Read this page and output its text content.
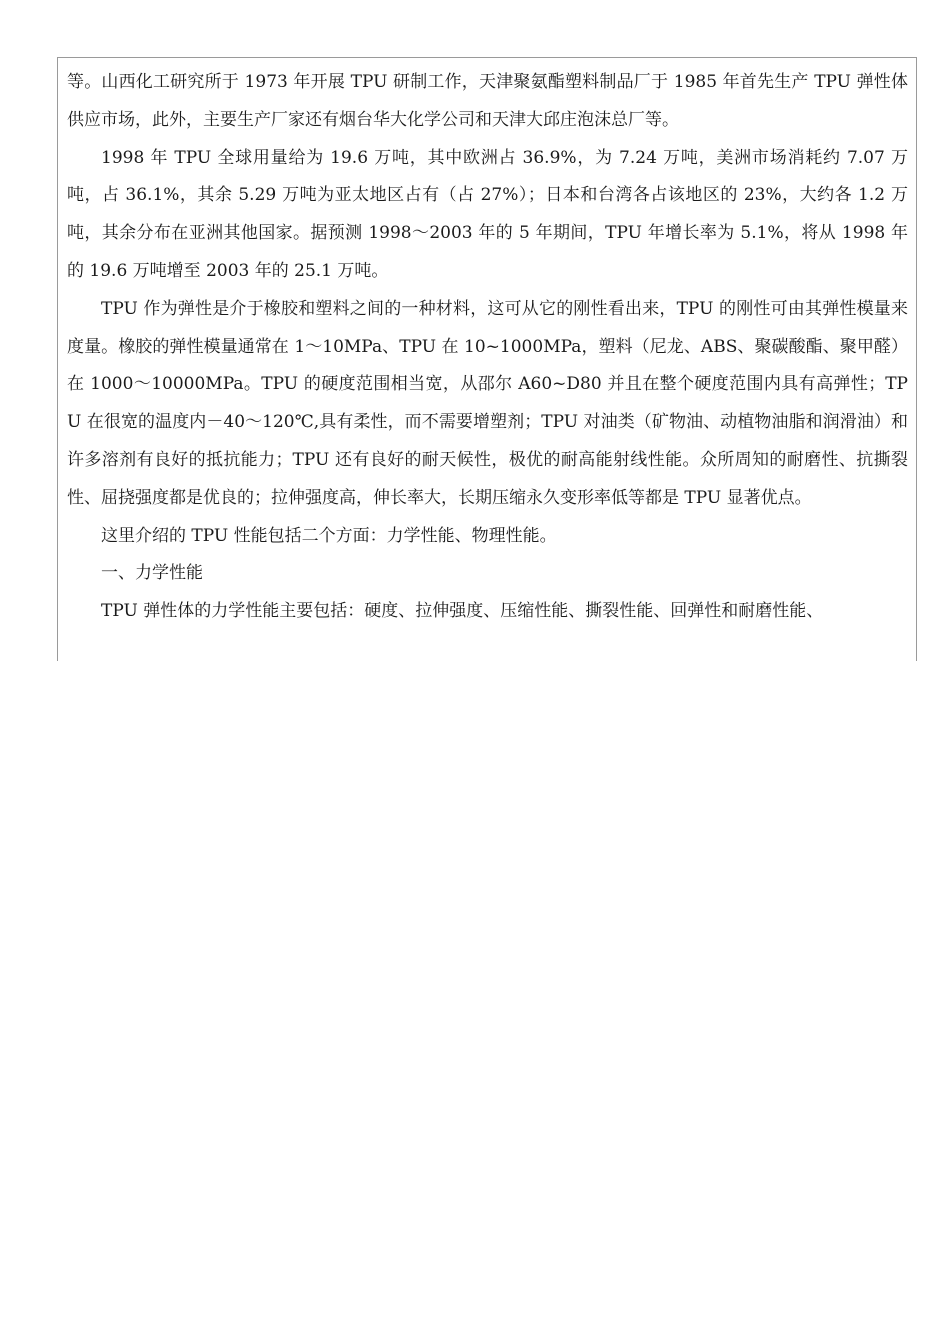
等。山西化工研究所于 1973 年开展 TPU 研制工作，天津聚氨酯塑料制品厂于 1985 年首先生产 TPU 弹性体供应市场，此外，主要生产厂家还有烟台华大化学公司和天津大邱庄泡沫总厂等。

1998 年 TPU 全球用量给为 19.6 万吨，其中欧洲占 36.9%，为 7.24 万吨，美洲市场消耗约 7.07 万吨，占 36.1%，其余 5.29 万吨为亚太地区占有（占 27%）；日本和台湾各占该地区的 23%，大约各 1.2 万吨，其余分布在亚洲其他国家。据预测 1998～2003 年的 5 年期间，TPU 年增长率为 5.1%，将从 1998 年的 19.6 万吨增至 2003 年的 25.1 万吨。

TPU 作为弹性是介于橡胶和塑料之间的一种材料，这可从它的刚性看出来，TPU 的刚性可由其弹性模量来度量。橡胶的弹性模量通常在 1～10MPa、TPU 在 10~1000MPa，塑料（尼龙、ABS、聚碳酸酯、聚甲醛）在 1000～10000MPa。TPU 的硬度范围相当宽，从邵尔 A60~D80 并且在整个硬度范围内具有高弹性；TPU 在很宽的温度内－40～120℃,具有柔性，而不需要增塑剂；TPU 对油类（矿物油、动植物油脂和润滑油）和许多溶剂有良好的抵抗能力；TPU 还有良好的耐天候性，极优的耐高能射线性能。众所周知的耐磨性、抗撕裂性、屈挠强度都是优良的；拉伸强度高，伸长率大，长期压缩永久变形率低等都是 TPU 显著优点。

这里介绍的 TPU 性能包括二个方面：力学性能、物理性能。

一、力学性能

TPU 弹性体的力学性能主要包括：硬度、拉伸强度、压缩性能、撕裂性能、回弹性和耐磨性能、
